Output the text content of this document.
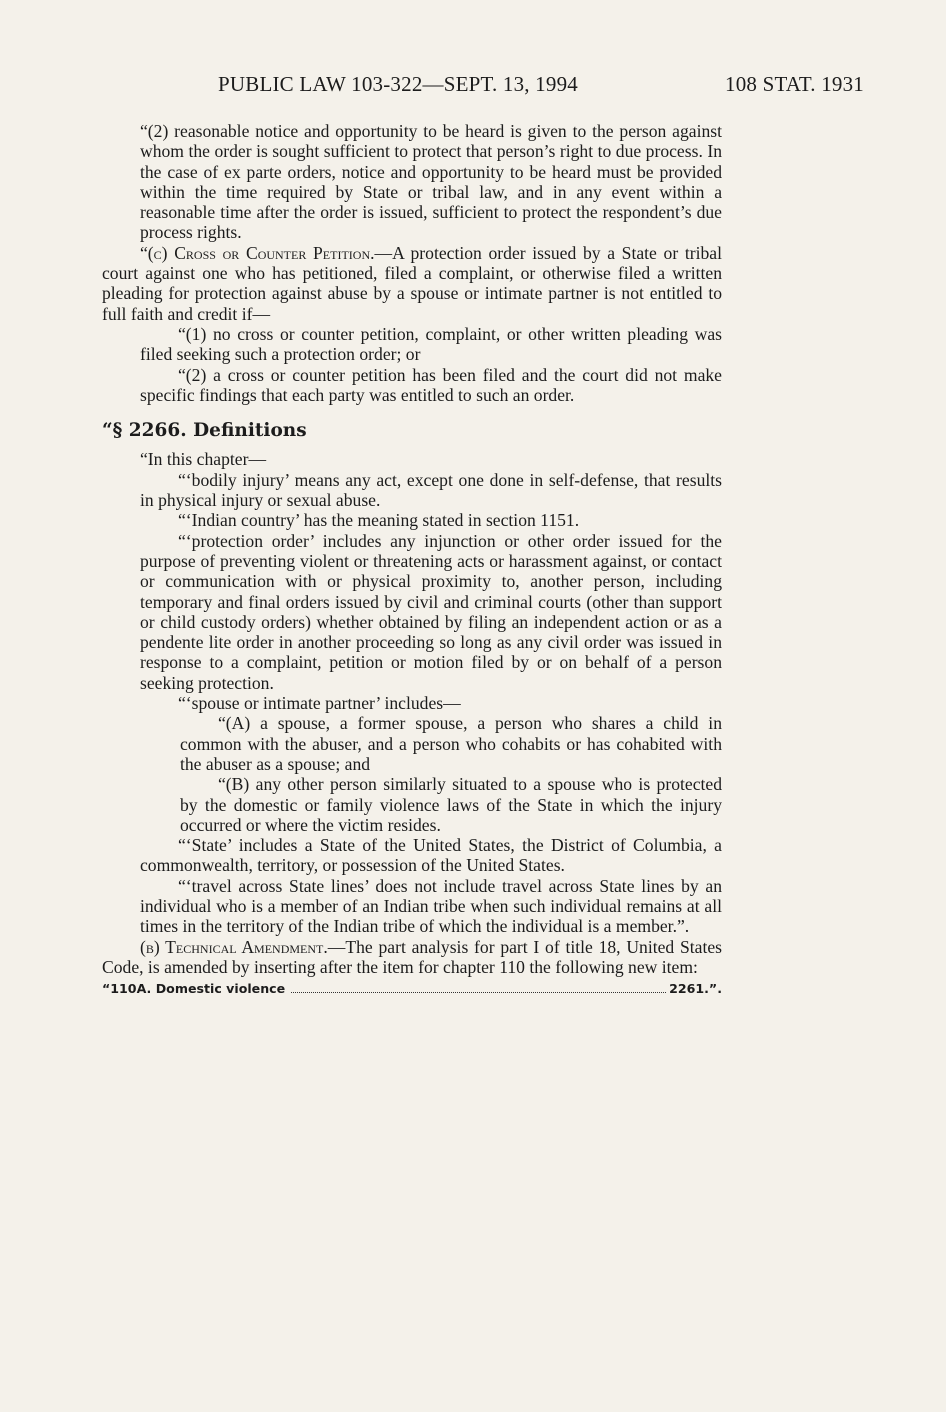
PUBLIC LAW 103-322—SEPT. 13, 1994	108 STAT. 1931

“(2) reasonable notice and opportunity to be heard is given to the person against whom the order is sought sufficient to protect that person’s right to due process. In the case of ex parte orders, notice and opportunity to be heard must be provided within the time required by State or tribal law, and in any event within a reasonable time after the order is issued, sufficient to protect the respondent’s due process rights.

“(c) Cross or Counter Petition.—A protection order issued by a State or tribal court against one who has petitioned, filed a complaint, or otherwise filed a written pleading for protection against abuse by a spouse or intimate partner is not entitled to full faith and credit if—

“(1) no cross or counter petition, complaint, or other written pleading was filed seeking such a protection order; or

“(2) a cross or counter petition has been filed and the court did not make specific findings that each party was entitled to such an order.

“§ 2266. Definitions

“In this chapter—

“‘bodily injury’ means any act, except one done in self-defense, that results in physical injury or sexual abuse.

“‘Indian country’ has the meaning stated in section 1151.

“‘protection order’ includes any injunction or other order issued for the purpose of preventing violent or threatening acts or harassment against, or contact or communication with or physical proximity to, another person, including temporary and final orders issued by civil and criminal courts (other than support or child custody orders) whether obtained by filing an independent action or as a pendente lite order in another proceeding so long as any civil order was issued in response to a complaint, petition or motion filed by or on behalf of a person seeking protection.

“‘spouse or intimate partner’ includes—

“(A) a spouse, a former spouse, a person who shares a child in common with the abuser, and a person who cohabits or has cohabited with the abuser as a spouse; and

“(B) any other person similarly situated to a spouse who is protected by the domestic or family violence laws of the State in which the injury occurred or where the victim resides.

“‘State’ includes a State of the United States, the District of Columbia, a commonwealth, territory, or possession of the United States.

“‘travel across State lines’ does not include travel across State lines by an individual who is a member of an Indian tribe when such individual remains at all times in the territory of the Indian tribe of which the individual is a member.”.

(b) Technical Amendment.—The part analysis for part I of title 18, United States Code, is amended by inserting after the item for chapter 110 the following new item:

“110A. Domestic violence	2261.”.
